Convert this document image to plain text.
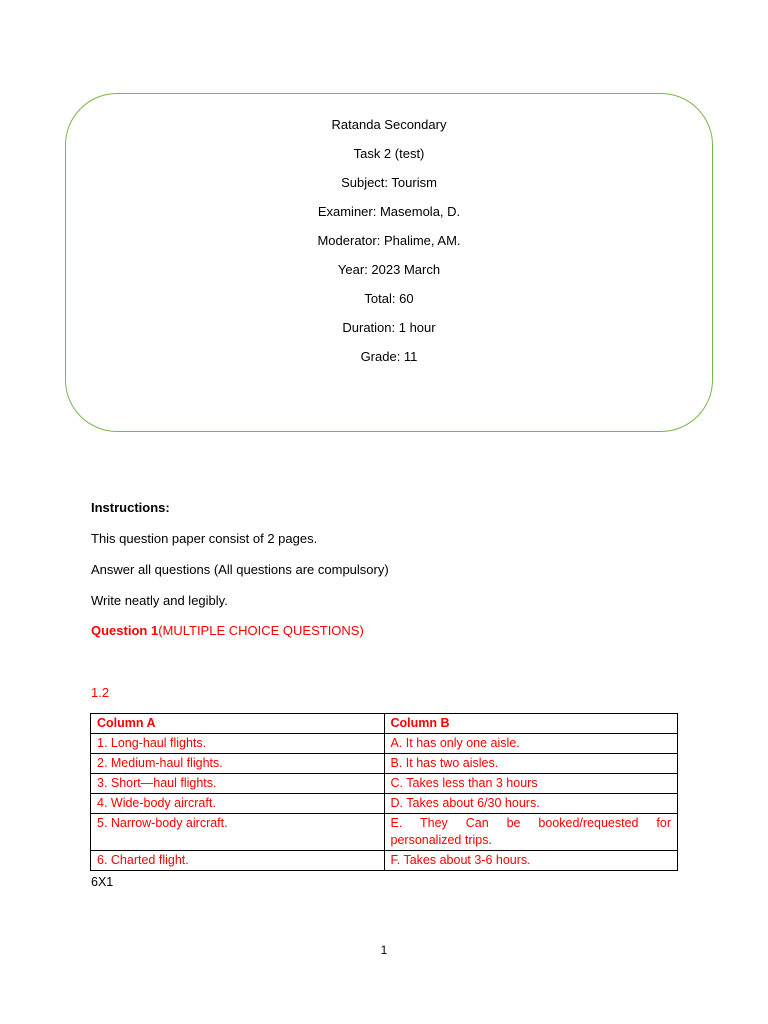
Ratanda Secondary
Task 2 (test)
Subject: Tourism
Examiner: Masemola, D.
Moderator: Phalime, AM.
Year: 2023 March
Total: 60
Duration: 1 hour
Grade: 11
Instructions:
This question paper consist of 2 pages.
Answer all questions (All questions are compulsory)
Write neatly and legibly.
Question 1(MULTIPLE CHOICE QUESTIONS)
1.2
Column A	Column B
1. Long-haul flights.	A. It has only one aisle.
2. Medium-haul flights.	B. It has two aisles.
3. Short—haul flights.	C. Takes less than 3 hours
4. Wide-body aircraft.	D. Takes about 6/30 hours.
5. Narrow-body aircraft.	E. They Can be booked/requested for personalized trips.
6. Charted flight.	F. Takes about 3-6 hours.
6X1
1
